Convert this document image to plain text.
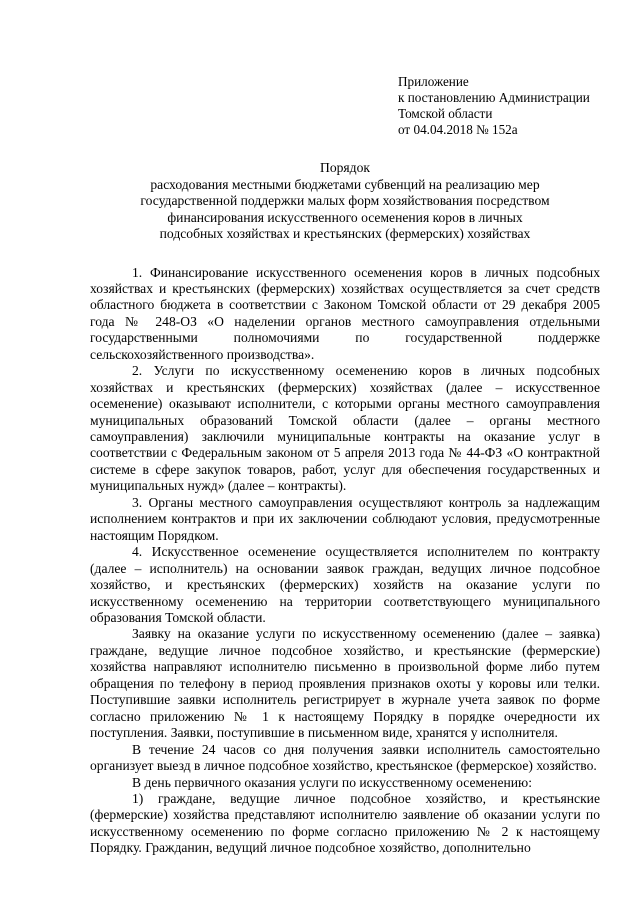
Приложение
к постановлению Администрации
Томской области
от 04.04.2018 № 152а
Порядок
расходования местными бюджетами субвенций на реализацию мер
государственной поддержки малых форм хозяйствования посредством
финансирования искусственного осеменения коров в личных
подсобных хозяйствах и крестьянских (фермерских) хозяйствах

1. Финансирование искусственного осеменения коров в личных подсобных хозяйствах и крестьянских (фермерских) хозяйствах осуществляется за счет средств областного бюджета в соответствии с Законом Томской области от 29 декабря 2005 года № 248-ОЗ «О наделении органов местного самоуправления отдельными государственными полномочиями по государственной поддержке сельскохозяйственного производства».

2. Услуги по искусственному осеменению коров в личных подсобных хозяйствах и крестьянских (фермерских) хозяйствах (далее – искусственное осеменение) оказывают исполнители, с которыми органы местного самоуправления муниципальных образований Томской области (далее – органы местного самоуправления) заключили муниципальные контракты на оказание услуг в соответствии с Федеральным законом от 5 апреля 2013 года № 44-ФЗ «О контрактной системе в сфере закупок товаров, работ, услуг для обеспечения государственных и муниципальных нужд» (далее – контракты).

3. Органы местного самоуправления осуществляют контроль за надлежащим исполнением контрактов и при их заключении соблюдают условия, предусмотренные настоящим Порядком.

4. Искусственное осеменение осуществляется исполнителем по контракту (далее – исполнитель) на основании заявок граждан, ведущих личное подсобное хозяйство, и крестьянских (фермерских) хозяйств на оказание услуги по искусственному осеменению на территории соответствующего муниципального образования Томской области.

Заявку на оказание услуги по искусственному осеменению (далее – заявка) граждане, ведущие личное подсобное хозяйство, и крестьянские (фермерские) хозяйства направляют исполнителю письменно в произвольной форме либо путем обращения по телефону в период проявления признаков охоты у коровы или телки. Поступившие заявки исполнитель регистрирует в журнале учета заявок по форме согласно приложению № 1 к настоящему Порядку в порядке очередности их поступления. Заявки, поступившие в письменном виде, хранятся у исполнителя.

В течение 24 часов со дня получения заявки исполнитель самостоятельно организует выезд в личное подсобное хозяйство, крестьянское (фермерское) хозяйство.

В день первичного оказания услуги по искусственному осеменению:

1) граждане, ведущие личное подсобное хозяйство, и крестьянские (фермерские) хозяйства представляют исполнителю заявление об оказании услуги по искусственному осеменению по форме согласно приложению № 2 к настоящему Порядку. Гражданин, ведущий личное подсобное хозяйство, дополнительно
